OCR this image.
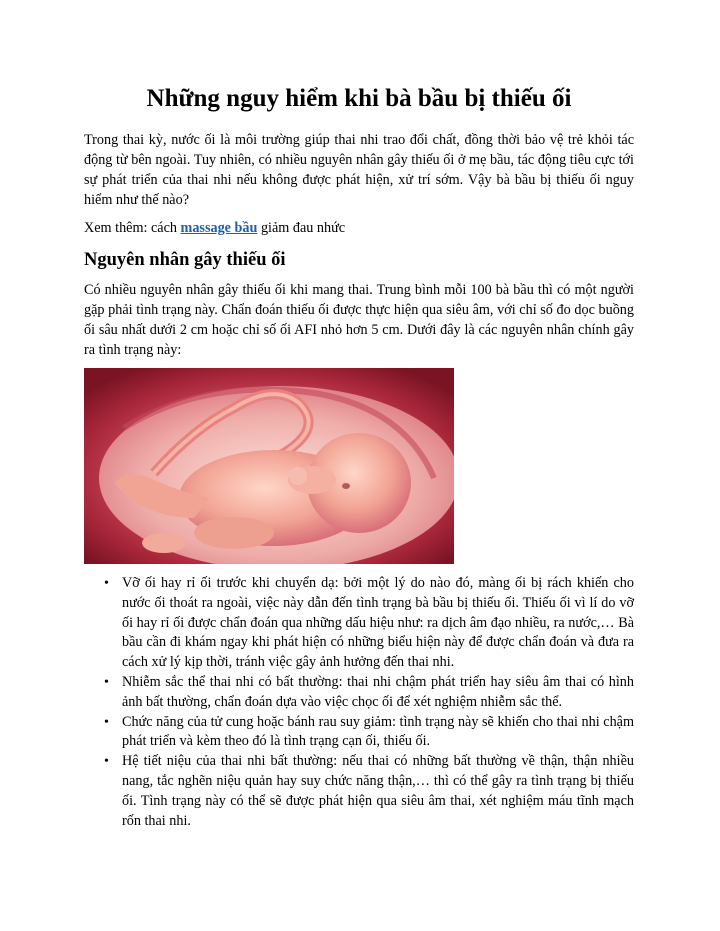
Những nguy hiểm khi bà bầu bị thiếu ối

Trong thai kỳ, nước ối là môi trường giúp thai nhi trao đổi chất, đồng thời bảo vệ trẻ khỏi tác động từ bên ngoài. Tuy nhiên, có nhiều nguyên nhân gây thiếu ối ở mẹ bầu, tác động tiêu cực tới sự phát triển của thai nhi nếu không được phát hiện, xử trí sớm. Vậy bà bầu bị thiếu ối nguy hiểm như thế nào?

Xem thêm: cách massage bầu giảm đau nhức

Nguyên nhân gây thiếu ối

Có nhiều nguyên nhân gây thiếu ối khi mang thai. Trung bình mỗi 100 bà bầu thì có một người gặp phải tình trạng này. Chẩn đoán thiếu ối được thực hiện qua siêu âm, với chỉ số đo dọc buồng ối sâu nhất dưới 2 cm hoặc chỉ số ối AFI nhỏ hơn 5 cm. Dưới đây là các nguyên nhân chính gây ra tình trạng này:

• Vỡ ối hay rỉ ối trước khi chuyển dạ: bởi một lý do nào đó, màng ối bị rách khiến cho nước ối thoát ra ngoài, việc này dẫn đến tình trạng bà bầu bị thiếu ối. Thiếu ối vì lí do vỡ ối hay rỉ ối được chẩn đoán qua những dấu hiệu như: ra dịch âm đạo nhiều, ra nước,… Bà bầu cần đi khám ngay khi phát hiện có những biểu hiện này để được chẩn đoán và đưa ra cách xử lý kịp thời, tránh việc gây ảnh hưởng đến thai nhi.
• Nhiễm sắc thể thai nhi có bất thường: thai nhi chậm phát triển hay siêu âm thai có hình ảnh bất thường, chẩn đoán dựa vào việc chọc ối để xét nghiệm nhiễm sắc thể.
• Chức năng của tử cung hoặc bánh rau suy giảm: tình trạng này sẽ khiến cho thai nhi chậm phát triển và kèm theo đó là tình trạng cạn ối, thiếu ối.
• Hệ tiết niệu của thai nhi bất thường: nếu thai có những bất thường về thận, thận nhiều nang, tắc nghẽn niệu quản hay suy chức năng thận,… thì có thể gây ra tình trạng bị thiếu ối. Tình trạng này có thể sẽ được phát hiện qua siêu âm thai, xét nghiệm máu tĩnh mạch rốn thai nhi.
